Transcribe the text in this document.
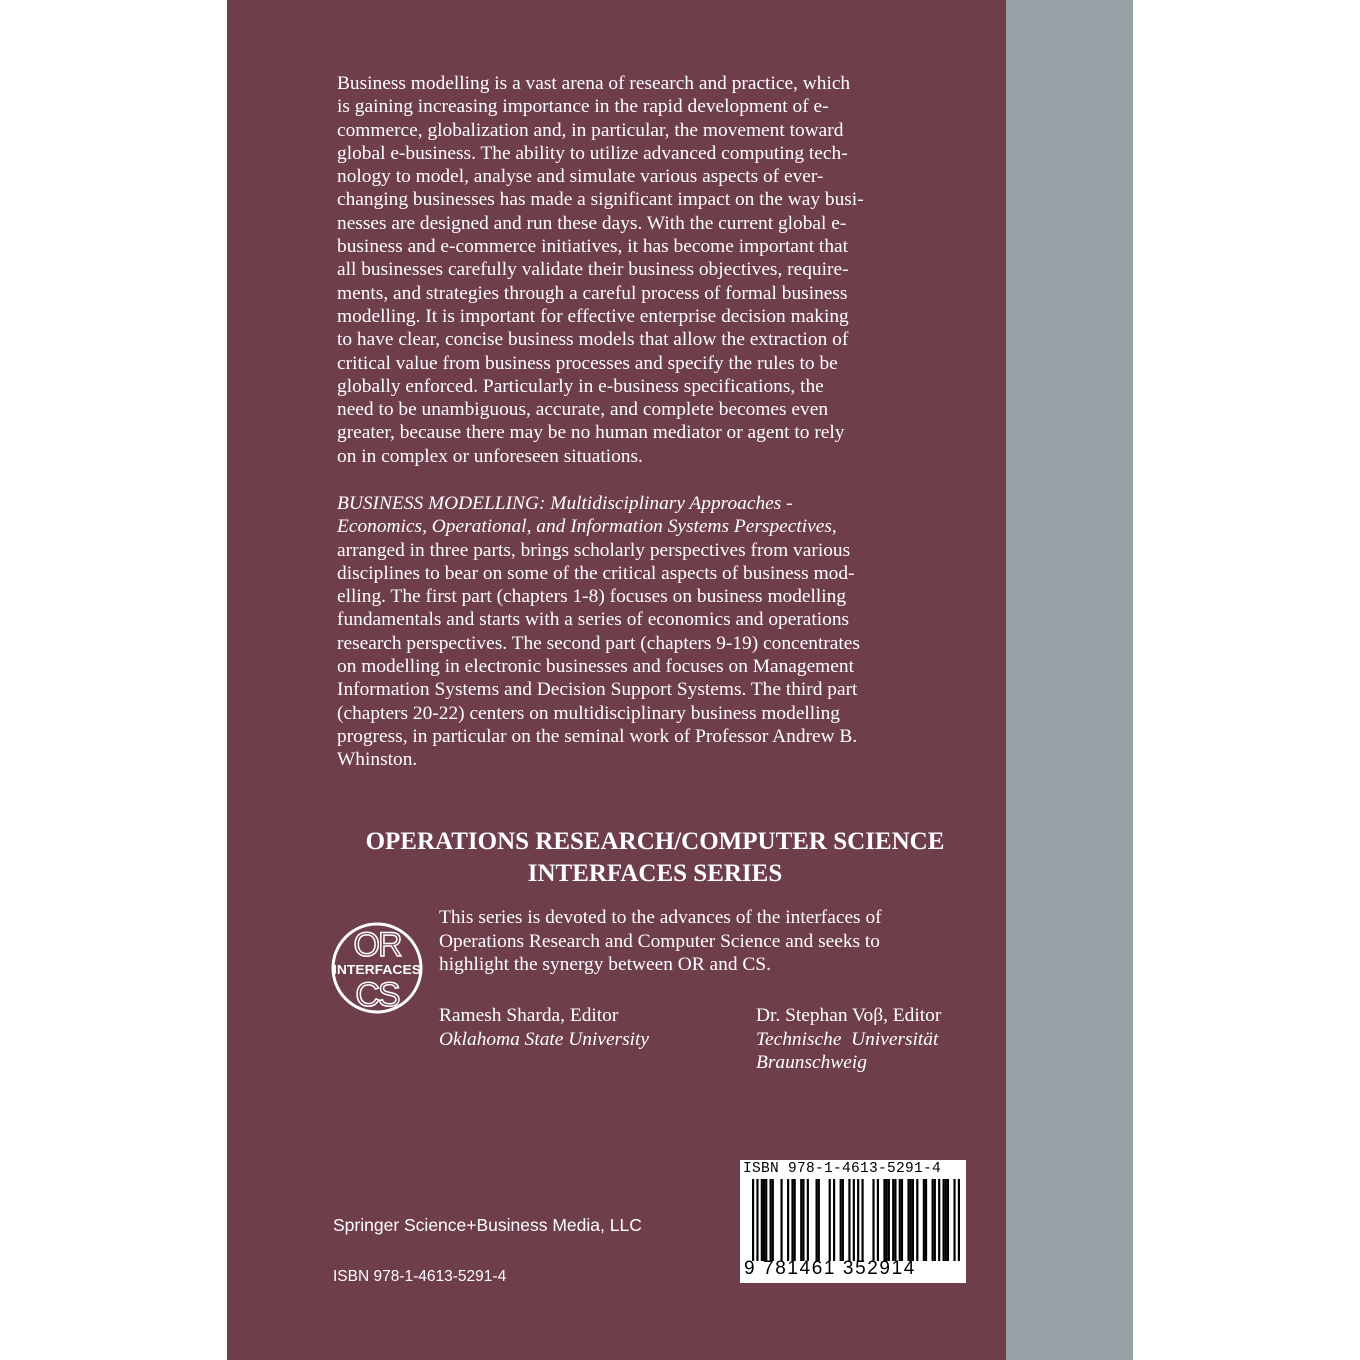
Business modelling is a vast arena of research and practice, which
is gaining increasing importance in the rapid development of e-
commerce, globalization and, in particular, the movement toward
global e-business. The ability to utilize advanced computing tech-
nology to model, analyse and simulate various aspects of ever-
changing businesses has made a significant impact on the way busi-
nesses are designed and run these days. With the current global e-
business and e-commerce initiatives, it has become important that
all businesses carefully validate their business objectives, require-
ments, and strategies through a careful process of formal business
modelling. It is important for effective enterprise decision making
to have clear, concise business models that allow the extraction of
critical value from business processes and specify the rules to be
globally enforced. Particularly in e-business specifications, the
need to be unambiguous, accurate, and complete becomes even
greater, because there may be no human mediator or agent to rely
on in complex or unforeseen situations.
BUSINESS MODELLING: Multidisciplinary Approaches -
Economics, Operational, and Information Systems Perspectives,
arranged in three parts, brings scholarly perspectives from various
disciplines to bear on some of the critical aspects of business mod-
elling. The first part (chapters 1-8) focuses on business modelling
fundamentals and starts with a series of economics and operations
research perspectives. The second part (chapters 9-19) concentrates
on modelling in electronic businesses and focuses on Management
Information Systems and Decision Support Systems. The third part
(chapters 20-22) centers on multidisciplinary business modelling
progress, in particular on the seminal work of Professor Andrew B.
Whinston.
OPERATIONS RESEARCH/COMPUTER SCIENCE
INTERFACES SERIES
OR
INTERFACES
CS
This series is devoted to the advances of the interfaces of
Operations Research and Computer Science and seeks to
highlight the synergy between OR and CS.
Ramesh Sharda, Editor
Oklahoma State University
Dr. Stephan Voβ, Editor
Technische  Universität
Braunschweig
Springer Science+Business Media, LLC
ISBN 978-1-4613-5291-4
ISBN 978-1-4613-5291-4
9 781461 352914
